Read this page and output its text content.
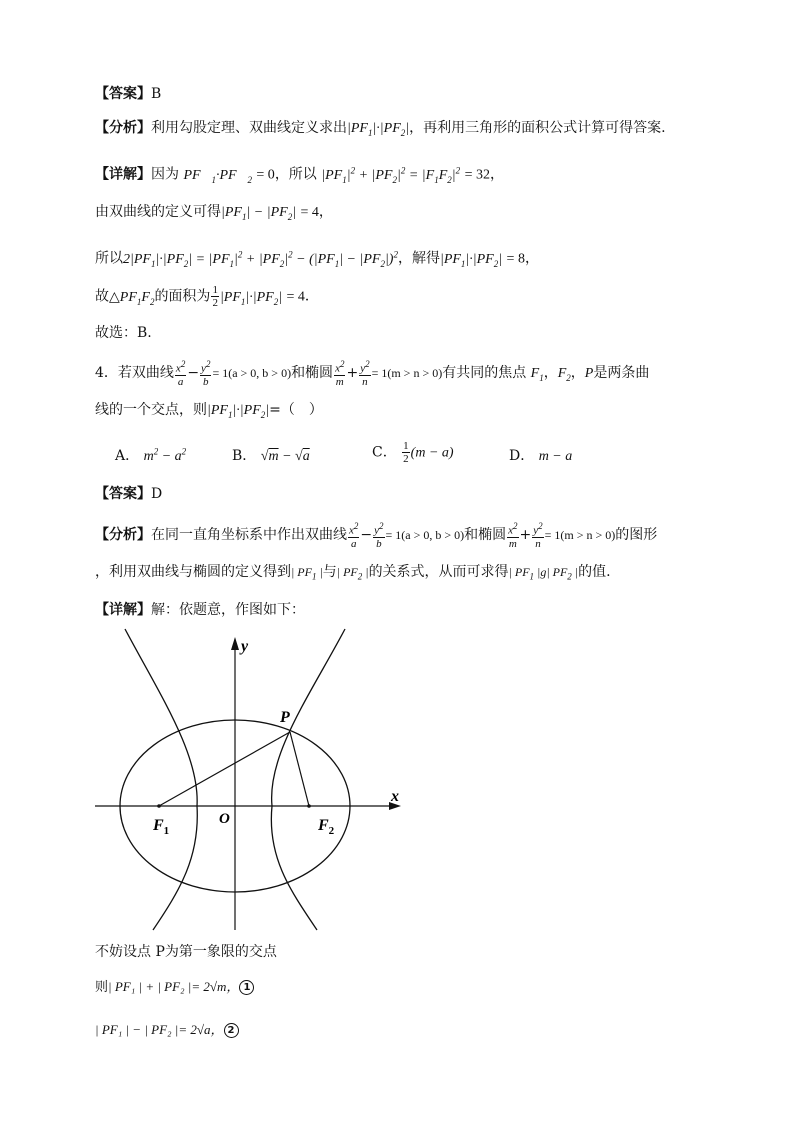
【答案】B
【分析】利用勾股定理、双曲线定义求出$|PF_1|\cdot|PF_2|$，再利用三角形的面积公式计算可得答案.
【详解】因为 $PF⃗_1\cdot PF⃗_2 = 0$，所以 $|PF_1|^2 + |PF_2|^2 = |F_1F_2|^2 = 32$，
由双曲线的定义可得$|PF_1| - |PF_2| = 4$，
所以$2|PF_1|\cdot|PF_2| = |PF_1|^2 + |PF_2|^2 - (|PF_1| - |PF_2|)^2$，解得$|PF_1|\cdot|PF_2| = 8$，
故$\triangle PF_1F_2$的面积为 $\frac{1}{2} |PF_1|\cdot|PF_2| = 4$．
故选：B.
4．若双曲线 $\frac{x^2}{a} - \frac{y^2}{b} = 1(a > 0$, b > 0)和椭圆 $\frac{x^2}{m} + \frac{y^2}{n} = 1(m > n > 0)$有共同的焦点 $F_1$，$F_2$，P是两条曲
线的一个交点，则$|PF_1|\cdot|PF_2|=$（　）
A． $m^2 - a^2$	B． √m − √a	C． $\frac{1}{2} (m - a)$	D． m − a
【答案】D
【分析】在同一直角坐标系中作出双曲线 $\frac{x^2}{a} - \frac{y^2}{b} = 1(a > 0$, b > 0)和椭圆 $\frac{x^2}{m} + \frac{y^2}{n} = 1(m > n > 0)$的图形
，利用双曲线与椭圆的定义得到| $PF_1$ |与| $PF_2$ |的关系式，从而可求得| $PF_1$ |g| $PF_2$ |的值.
【详解】解：依题意，作图如下：
y
x
O
P
$F_1$	$F_2$
不妨设点 P为第一象限的交点
则| PF₁ | + | PF₂ |= 2√m， 1
| PF₁ | − | PF₂ |= 2√a， 2
